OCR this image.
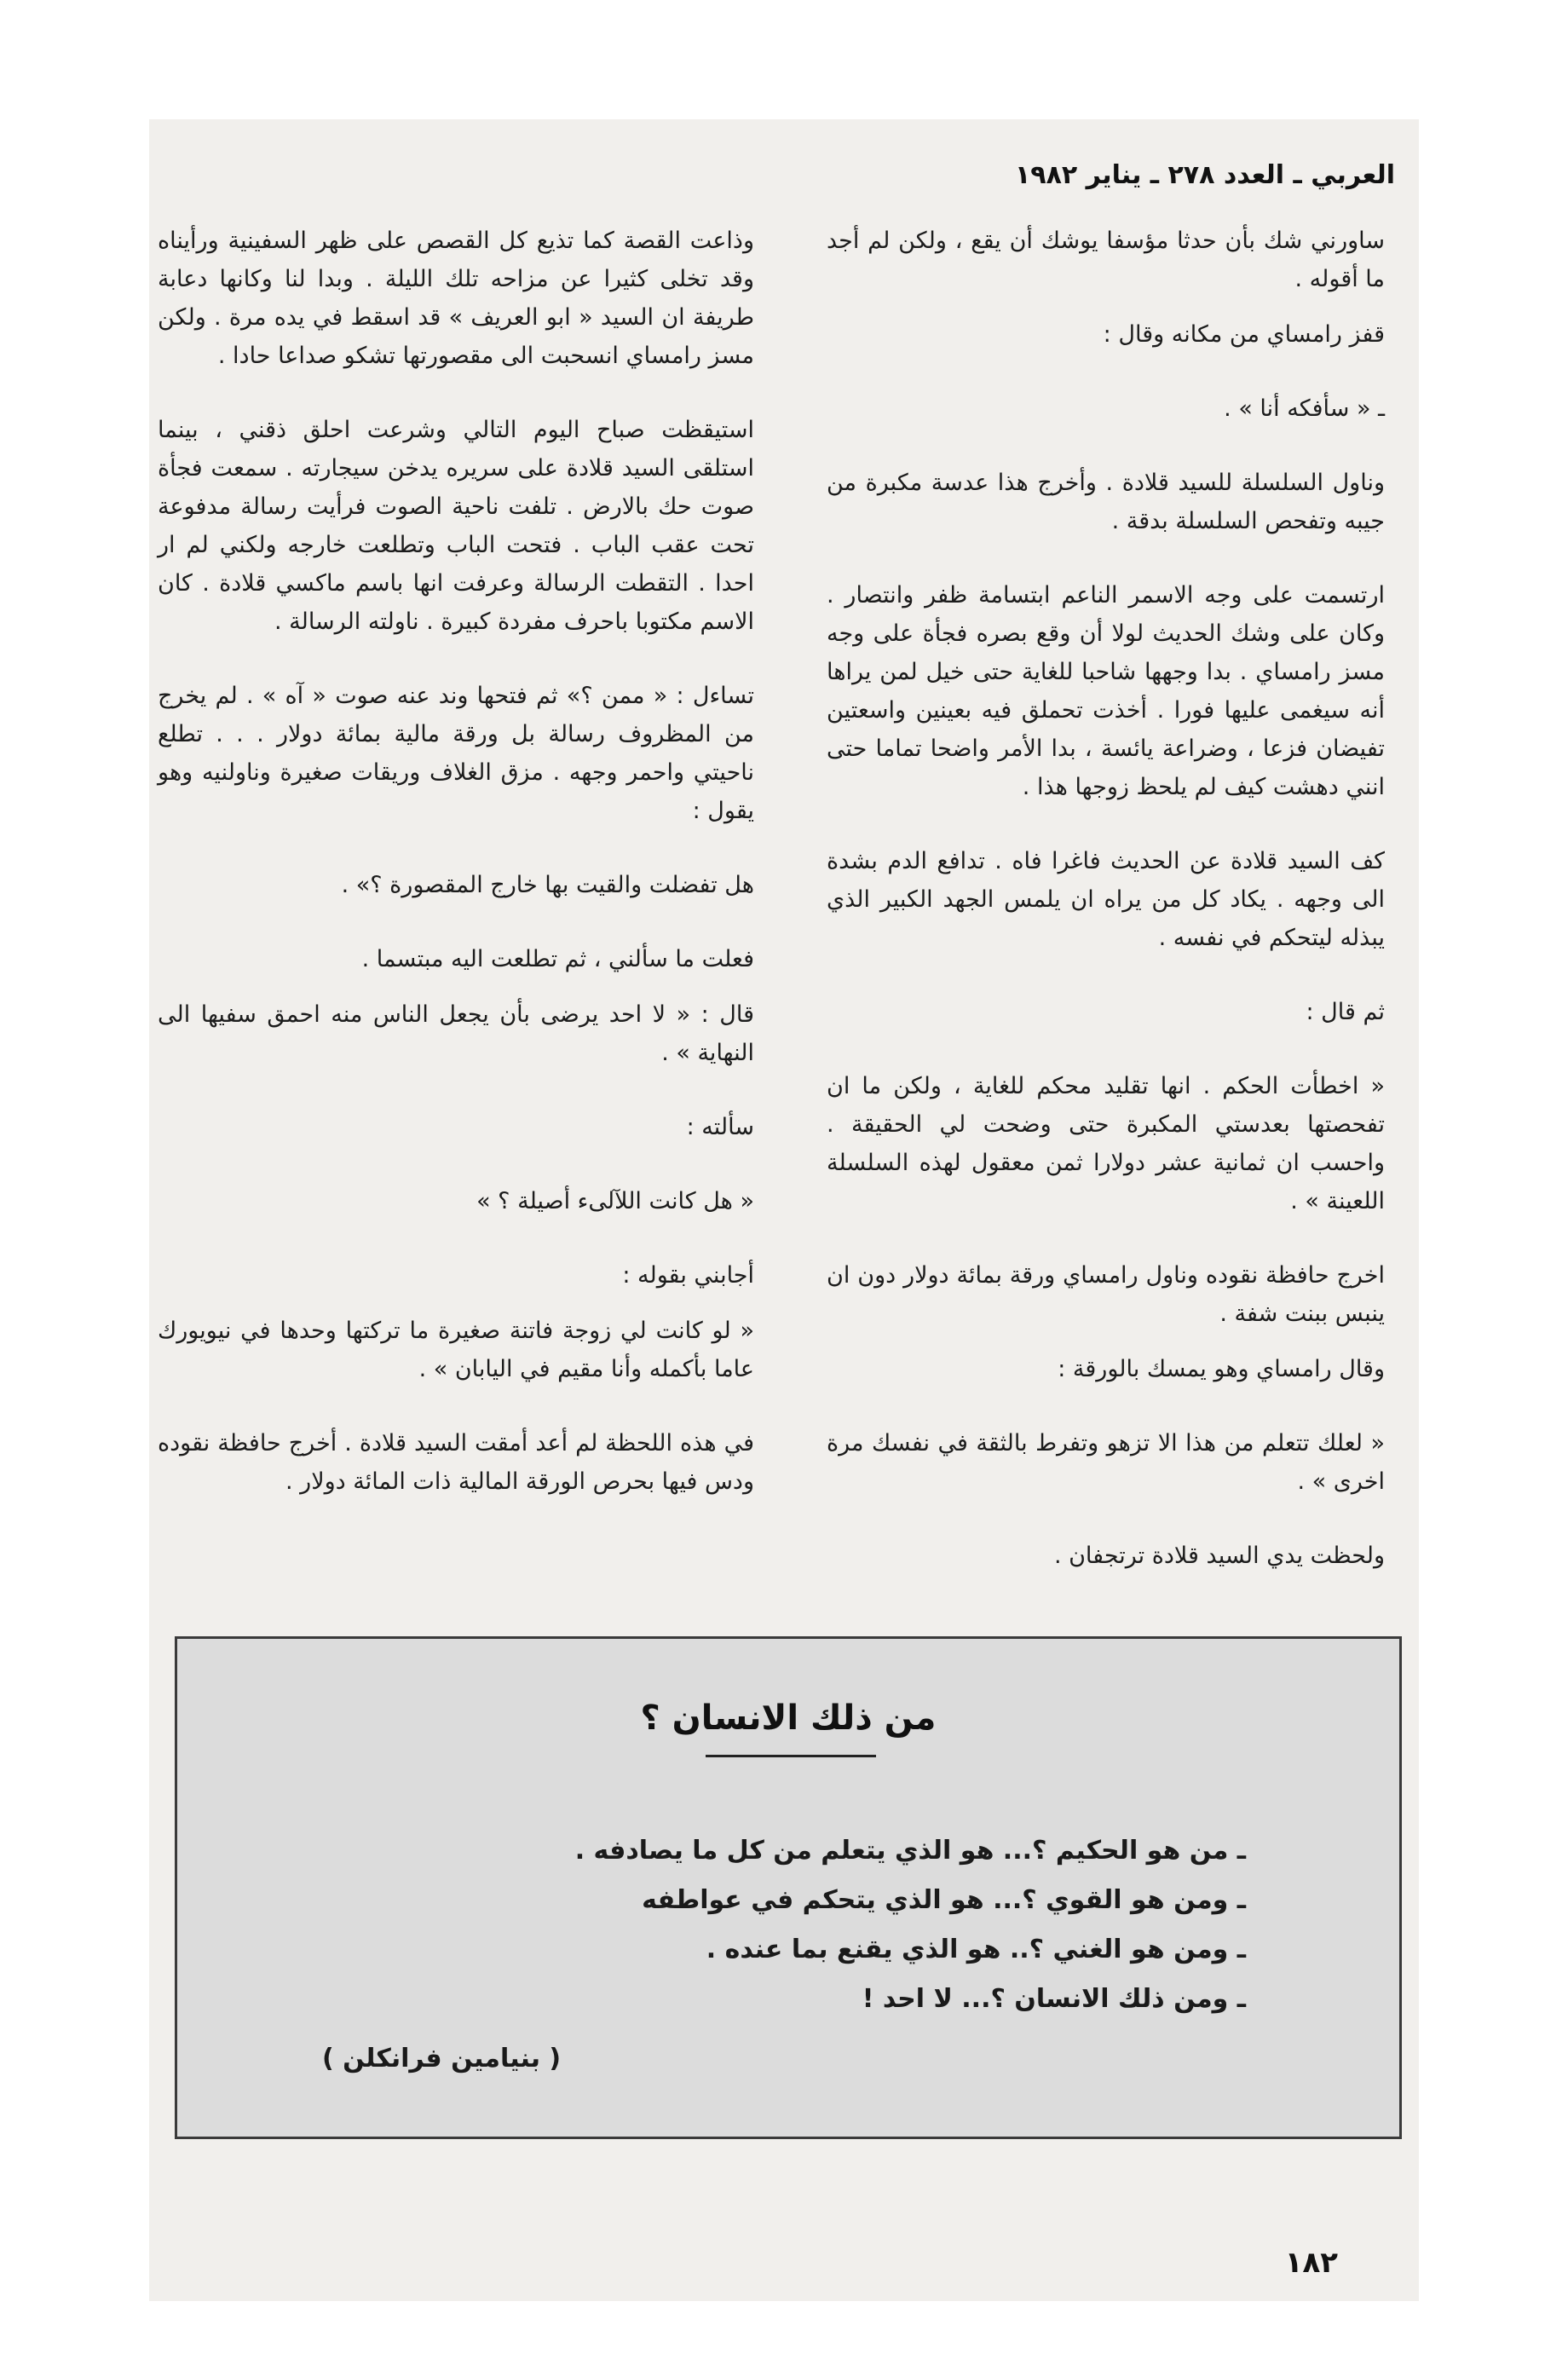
العربي ـ العدد ٢٧٨ ـ يناير ١٩٨٢

ساورني شك بأن حدثا مؤسفا يوشك أن يقع ، ولكن لم أجد ما أقوله .

قفز رامساي من مكانه وقال :

ـ « سأفكه أنا » .

وناول السلسلة للسيد قلادة . وأخرج هذا عدسة مكبرة من جيبه وتفحص السلسلة بدقة .

ارتسمت على وجه الاسمر الناعم ابتسامة ظفر وانتصار . وكان على وشك الحديث لولا أن وقع بصره فجأة على وجه مسز رامساي . بدا وجهها شاحبا للغاية حتى خيل لمن يراها أنه سيغمى عليها فورا . أخذت تحملق فيه بعينين واسعتين تفيضان فزعا ، وضراعة يائسة ، بدا الأمر واضحا تماما حتى انني دهشت كيف لم يلحظ زوجها هذا .

كف السيد قلادة عن الحديث فاغرا فاه . تدافع الدم بشدة الى وجهه . يكاد كل من يراه ان يلمس الجهد الكبير الذي يبذله ليتحكم في نفسه .

ثم قال :

« اخطأت الحكم . انها تقليد محكم للغاية ، ولكن ما ان تفحصتها بعدستي المكبرة حتى وضحت لي الحقيقة . واحسب ان ثمانية عشر دولارا ثمن معقول لهذه السلسلة اللعينة » .

اخرج حافظة نقوده وناول رامساي ورقة بمائة دولار دون ان ينبس ببنت شفة .

وقال رامساي وهو يمسك بالورقة :

« لعلك تتعلم من هذا الا تزهو وتفرط بالثقة في نفسك مرة اخرى » .

ولحظت يدي السيد قلادة ترتجفان .

وذاعت القصة كما تذيع كل القصص على ظهر السفينية ورأيناه وقد تخلى كثيرا عن مزاحه تلك الليلة . وبدا لنا وكانها دعابة طريفة ان السيد « ابو العريف » قد اسقط في يده مرة . ولكن مسز رامساي انسحبت الى مقصورتها تشكو صداعا حادا .

استيقظت صباح اليوم التالي وشرعت احلق ذقني ، بينما استلقى السيد قلادة على سريره يدخن سيجارته . سمعت فجأة صوت حك بالارض . تلفت ناحية الصوت فرأيت رسالة مدفوعة تحت عقب الباب . فتحت الباب وتطلعت خارجه ولكني لم ار احدا . التقطت الرسالة وعرفت انها باسم ماكسي قلادة . كان الاسم مكتوبا باحرف مفردة كبيرة . ناولته الرسالة .

تساءل : « ممن ؟» ثم فتحها وند عنه صوت « آه » . لم يخرج من المظروف رسالة بل ورقة مالية بمائة دولار . . . تطلع ناحيتي واحمر وجهه . مزق الغلاف وريقات صغيرة وناولنيه وهو يقول :

هل تفضلت والقيت بها خارج المقصورة ؟» .

فعلت ما سألني ، ثم تطلعت اليه مبتسما .

قال : « لا احد يرضى بأن يجعل الناس منه احمق سفيها الى النهاية » .

سألته :

« هل كانت اللآلىء أصيلة ؟ »

أجابني بقوله :

« لو كانت لي زوجة فاتنة صغيرة ما تركتها وحدها في نيويورك عاما بأكمله وأنا مقيم في اليابان » .

في هذه اللحظة لم أعد أمقت السيد قلادة . أخرج حافظة نقوده ودس فيها بحرص الورقة المالية ذات المائة دولار .

من ذلك الانسان ؟
ـ من هو الحكيم ؟... هو الذي يتعلم من كل ما يصادفه .
ـ ومن هو القوي ؟... هو الذي يتحكم في عواطفه
ـ ومن هو الغني ؟.. هو الذي يقنع بما عنده .
ـ ومن ذلك الانسان ؟... لا احد !
( بنيامين فرانكلن )
١٨٢
